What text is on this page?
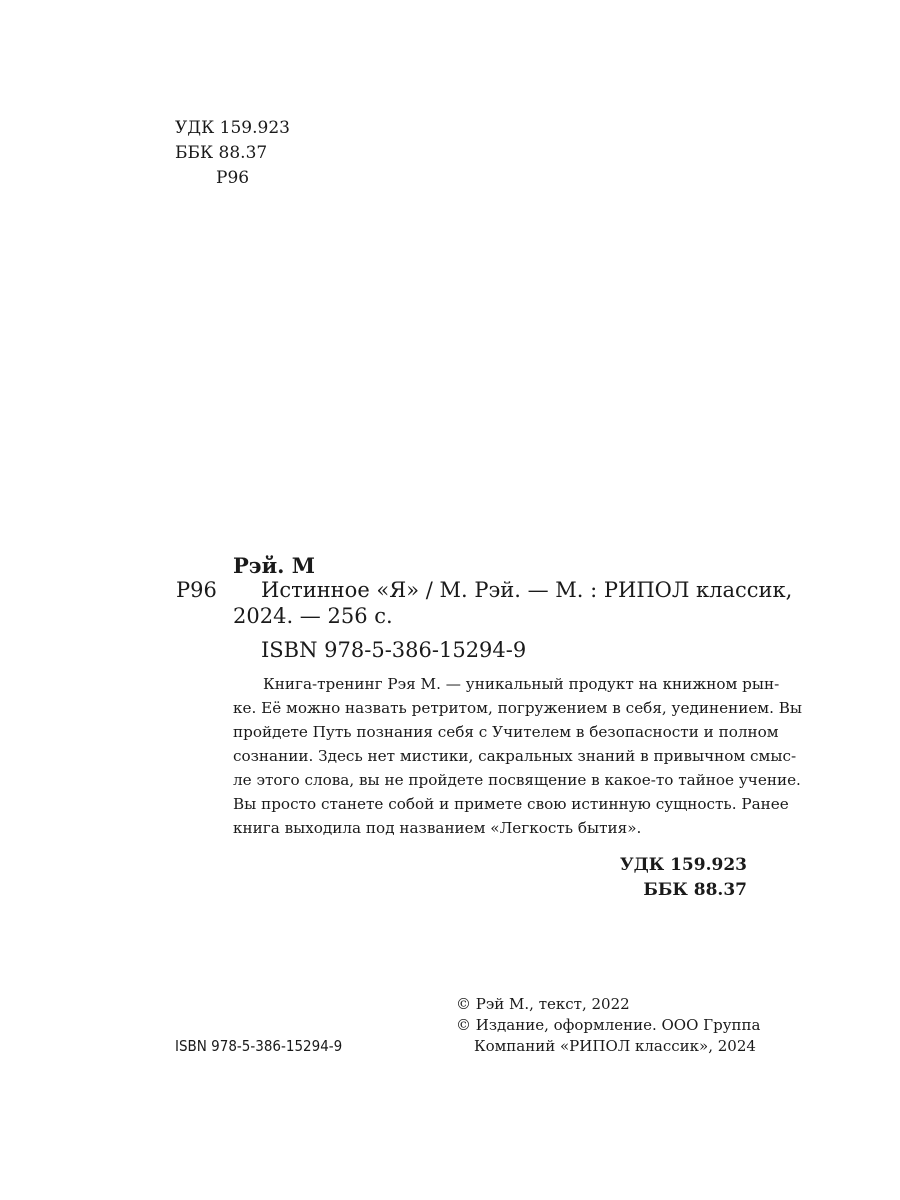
УДК 159.923
ББК 88.37
Р96
Рэй. М
Р96 Истинное «Я» / М. Рэй. — М. : РИПОЛ классик,
2024. — 256 с.
ISBN 978-5-386-15294-9
Книга-тренинг Рэя М. — уникальный продукт на книжном рын-
ке. Её можно назвать ретритом, погружением в себя, уединением. Вы
пройдете Путь познания себя с Учителем в безопасности и полном
сознании. Здесь нет мистики, сакральных знаний в привычном смыс-
ле этого слова, вы не пройдете посвящение в какое-то тайное учение.
Вы просто станете собой и примете свою истинную сущность. Ранее
книга выходила под названием «Легкость бытия».
УДК 159.923
ББК 88.37
ISBN 978-5-386-15294-9
© Рэй М., текст, 2022
© Издание, оформление. ООО Группа
Компаний «РИПОЛ классик», 2024
